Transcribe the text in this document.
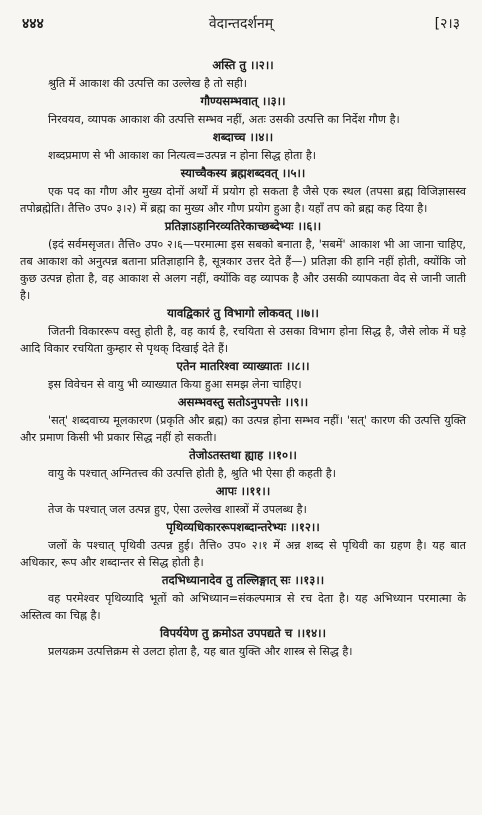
४४४	वेदान्तदर्शनम्	[२।३
अस्ति तु ।।२।।
श्रुति में आकाश की उत्पत्ति का उल्लेख है तो सही।
गौण्यसम्भवात् ।।३।।
निरवयव, व्यापक आकाश की उत्पत्ति सम्भव नहीं, अतः उसकी उत्पत्ति का निर्देश गौण है।
शब्दाच्च ।।४।।
शब्दप्रमाण से भी आकाश का नित्यत्व=उत्पन्न न होना सिद्ध होता है।
स्याच्चैकस्य ब्रह्मशब्दवत् ।।५।।
एक पद का गौण और मुख्य दोनों अर्थों में प्रयोग हो सकता है जैसे एक स्थल (तपसा ब्रह्म विजिज्ञासस्व तपोब्रह्मेति। तैत्ति० उप० ३।२) में ब्रह्म का मुख्य और गौण प्रयोग हुआ है। यहाँ तप को ब्रह्म कह दिया है।
प्रतिज्ञाऽहानिरव्यतिरेकाच्छब्देभ्यः ।।६।।
(इदं सर्वमसृजत। तैत्ति० उप० २।६—परमात्मा इस सबको बनाता है, 'सबमें' आकाश भी आ जाना चाहिए, तब आकाश को अनुत्पन्न बताना प्रतिज्ञाहानि है, सूत्रकार उत्तर देते हैं—) प्रतिज्ञा की हानि नहीं होती, क्योंकि जो कुछ उत्पन्न होता है, वह आकाश से अलग नहीं, क्योंकि वह व्यापक है और उसकी व्यापकता वेद से जानी जाती है।
यावद्विकारं तु विभागो लोकवत् ।।७।।
जितनी विकाररूप वस्तु होती है, वह कार्य है, रचयिता से उसका विभाग होना सिद्ध है, जैसे लोक में घड़े आदि विकार रचयिता कुम्हार से पृथक् दिखाई देते हैं।
एतेन मातरिश्वा व्याख्यातः ।।८।।
इस विवेचन से वायु भी व्याख्यात किया हुआ समझ लेना चाहिए।
असम्भवस्तु सतोऽनुपपत्तेः ।।९।।
'सत्' शब्दवाच्य मूलकारण (प्रकृति और ब्रह्म) का उत्पन्न होना सम्भव नहीं। 'सत्' कारण की उत्पत्ति युक्ति और प्रमाण किसी भी प्रकार सिद्ध नहीं हो सकती।
तेजोऽतस्तथा ह्याह ।।१०।।
वायु के पश्चात् अग्नितत्त्व की उत्पत्ति होती है, श्रुति भी ऐसा ही कहती है।
आपः ।।११।।
तेज के पश्चात् जल उत्पन्न हुए, ऐसा उल्लेख शास्त्रों में उपलब्ध है।
पृथिव्यधिकाररूपशब्दान्तरेभ्यः ।।१२।।
जलों के पश्चात् पृथिवी उत्पन्न हुई। तैत्ति० उप० २।१ में अन्न शब्द से पृथिवी का ग्रहण है। यह बात अधिकार, रूप और शब्दान्तर से सिद्ध होती है।
तदभिध्यानादेव तु तल्लिङ्गात् सः ।।१३।।
वह परमेश्वर पृथिव्यादि भूतों को अभिध्यान=संकल्पमात्र से रच देता है। यह अभिध्यान परमात्मा के अस्तित्व का चिह्न है।
विपर्ययेण तु क्रमोऽत उपपद्यते च ।।१४।।
प्रलयक्रम उत्पत्तिक्रम से उलटा होता है, यह बात युक्ति और शास्त्र से सिद्ध है।
